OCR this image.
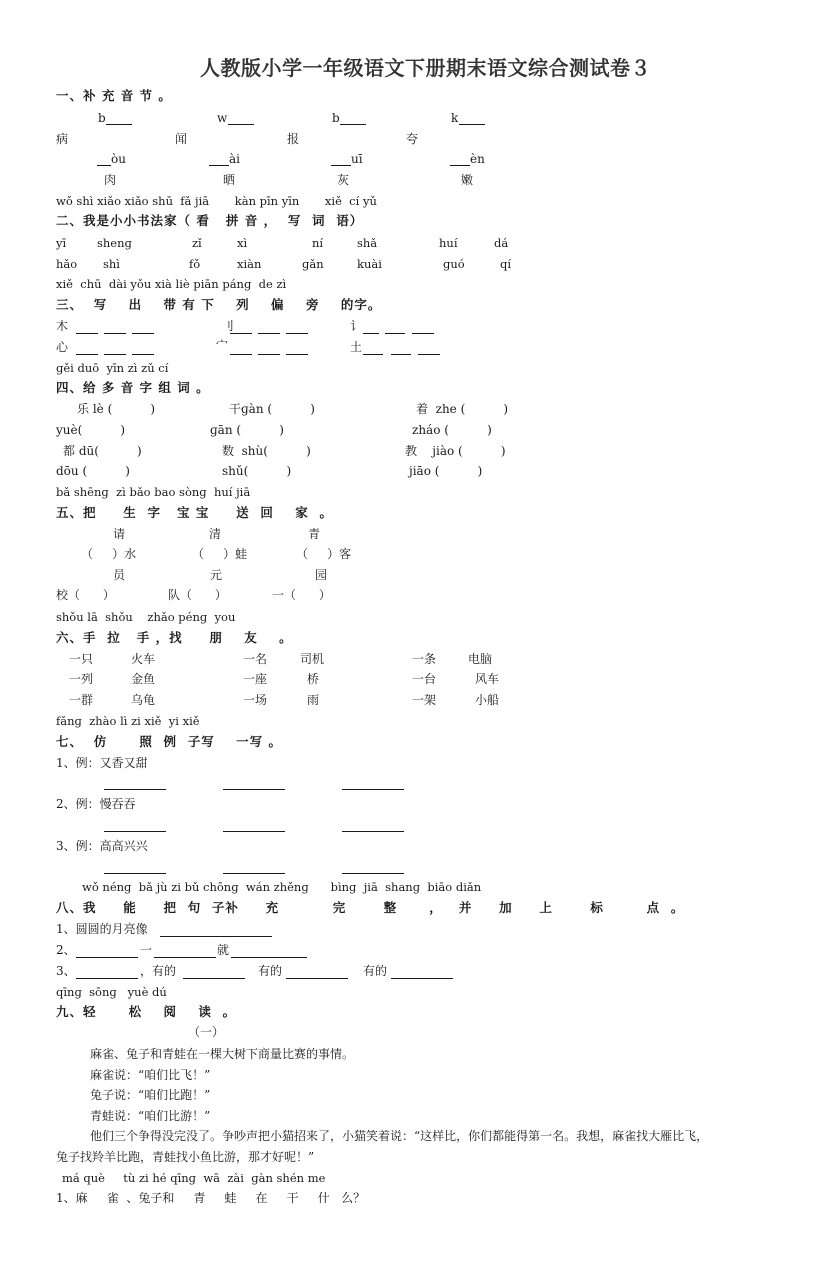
人教版小学一年级语文下册期末语文综合测试卷３
一、补 充 音 节 。
b	w	b	k
病	闻	报	夸
òu	ài	uī	èn
肉	晒	灰	嫩
wǒ shì xiǎo xiǎo shū  fǎ jiā       kàn pīn yīn       xiě  cí yǔ
二、我是小小书法家（ 看   拼 音 ，  写  词  语）
yī	shenɡ	zǐ	xì	ní	shǎ	huí	dá
hǎo shì	fǒ	xiàn	ɡǎn	kuài	ɡuó	qí
xiě  chū  dài yǒu xià liè piān pánɡ  de zì
三、  写    出    带 有 下    列    偏    旁    的字。
木	刂	讠
心	宀	土
ɡěi duō  yīn zì zǔ cí
四、给 多 音 字 组 词 。
乐 lè (          )	干ɡàn (          )	着  zhe (          )
yuè(          )	ɡān (          )	zháo (          )
都 dū(          )	数  shù(          )	教    jiào (          )
dōu (          )	shǔ(          )	jiāo (          )
bǎ shēnɡ  zì bǎo bao sònɡ  huí jiā
五、把     生  字   宝 宝     送  回    家  。
请	清	青
（     ）水	（     ）蛙	（     ）客
员	元	园
校（      ）	队（      ）	一（      ）
shǒu lā  shǒu    zhǎo pénɡ  you
六、手  拉   手 ，找     朋    友    。
一只	火车	一名	司机	一条	电脑
一列	金鱼	一座	桥	一台	风车
一群	乌龟	一场	雨	一架	小船
fǎnɡ  zhào lì zi xiě  yi xiě
七、  仿      照  例  子写    一写 。
1、例：又香又甜
2、例：慢吞吞
3、例：高高兴兴
wǒ nénɡ  bǎ jù zi bǔ chōnɡ  wán zhěnɡ      bìnɡ  jiā  shanɡ  biāo diǎn
八、我     能     把  句  子补     充          完       整      ，   并     加     上       标        点  。
1、圆圆的月亮像
2、	一	就
3、	，有的	有的	有的
qīnɡ  sōnɡ   yuè dú
九、轻      松    阅    读  。
（一）
麻雀、兔子和青蛙在一棵大树下商量比赛的事情。
麻雀说：“咱们比飞！”
兔子说：“咱们比跑！”
青蛙说：“咱们比游！”
他们三个争得没完没了。争吵声把小猫招来了，小猫笑着说：“这样比，你们都能得第一名。我想，麻雀找大雁比飞，
兔子找羚羊比跑，青蛙找小鱼比游，那才好呢！”
má què     tù zi hé qīnɡ  wā  zài  ɡàn shén me
1、麻     雀  、兔子和     青     蛙     在     干     什   么？
